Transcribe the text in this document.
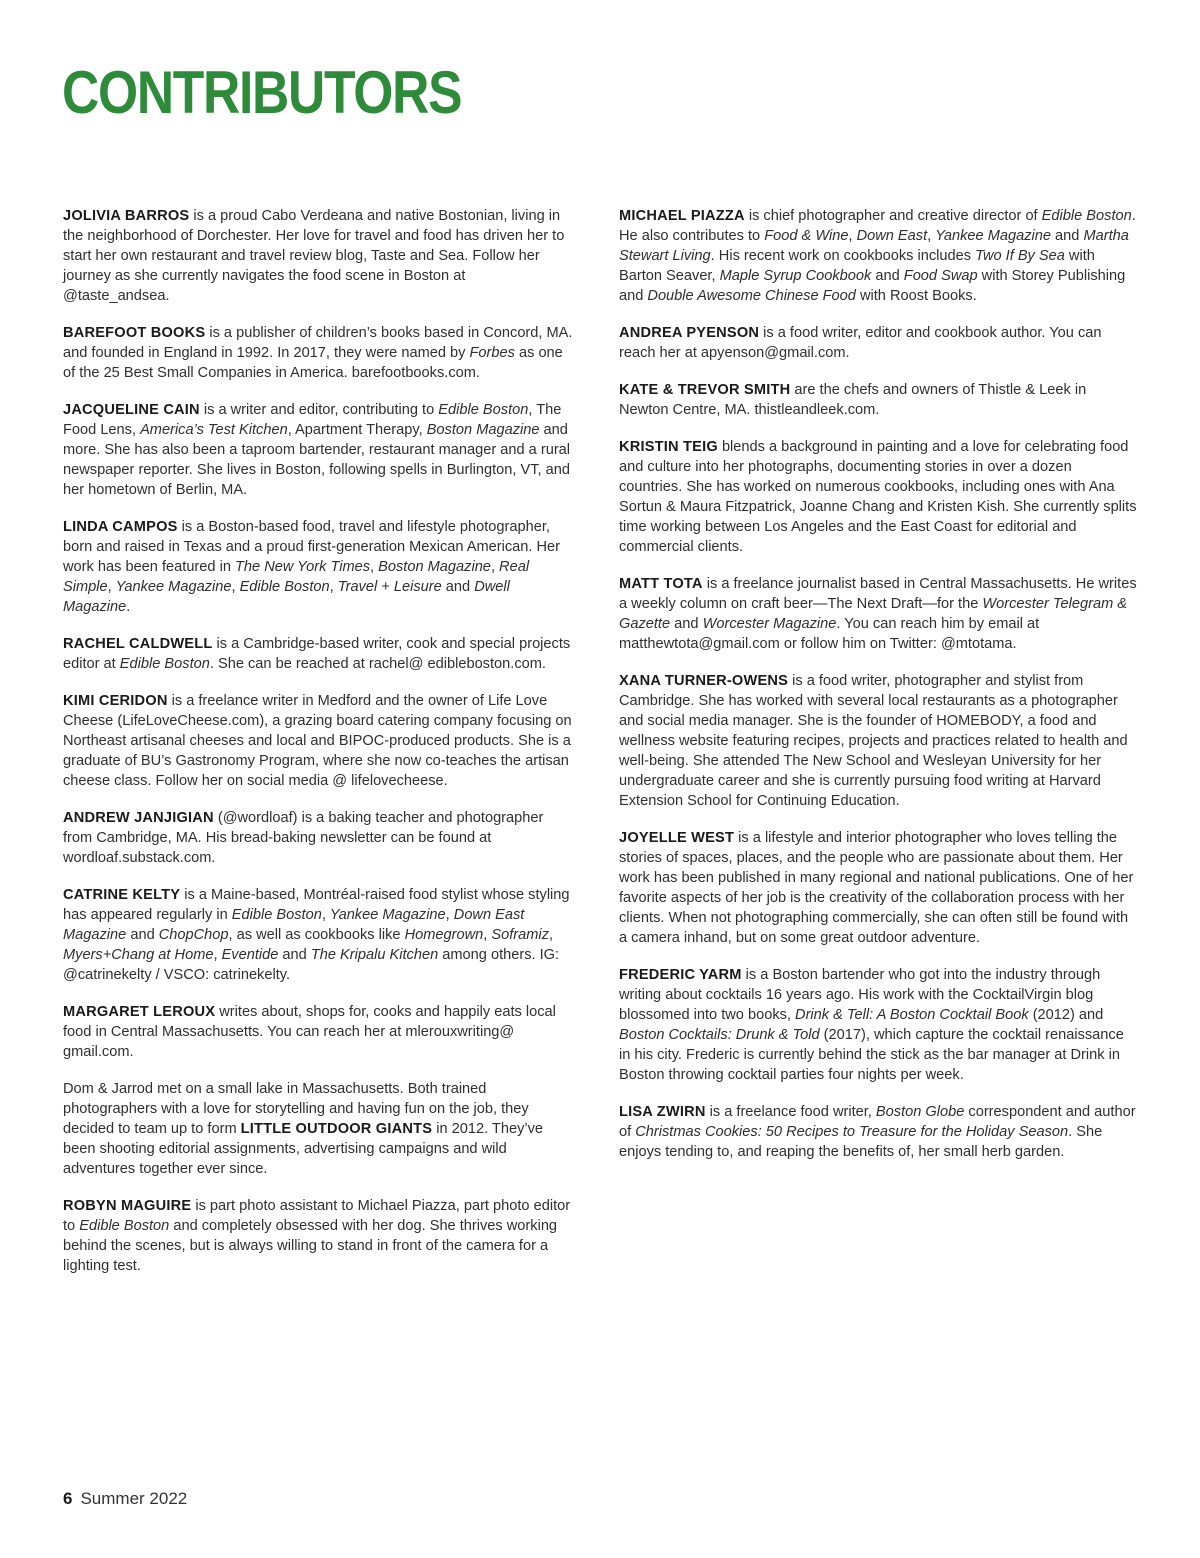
CONTRIBUTORS

JOLIVIA BARROS is a proud Cabo Verdeana and native Bostonian, living in the neighborhood of Dorchester. Her love for travel and food has driven her to start her own restaurant and travel review blog, Taste and Sea. Follow her journey as she currently navigates the food scene in Boston at @taste_andsea.

BAREFOOT BOOKS is a publisher of children’s books based in Concord, MA. and founded in England in 1992. In 2017, they were named by Forbes as one of the 25 Best Small Companies in America. barefootbooks.com.

JACQUELINE CAIN is a writer and editor, contributing to Edible Boston, The Food Lens, America’s Test Kitchen, Apartment Therapy, Boston Magazine and more. She has also been a taproom bartender, restaurant manager and a rural newspaper reporter. She lives in Boston, following spells in Burlington, VT, and her hometown of Berlin, MA.

LINDA CAMPOS is a Boston-based food, travel and lifestyle photographer, born and raised in Texas and a proud first-generation Mexican American. Her work has been featured in The New York Times, Boston Magazine, Real Simple, Yankee Magazine, Edible Boston, Travel + Leisure and Dwell Magazine.

RACHEL CALDWELL is a Cambridge-based writer, cook and special projects editor at Edible Boston. She can be reached at rachel@ edibleboston.com.

KIMI CERIDON is a freelance writer in Medford and the owner of Life Love Cheese (LifeLoveCheese.com), a grazing board catering company focusing on Northeast artisanal cheeses and local and BIPOC-produced products. She is a graduate of BU’s Gastronomy Program, where she now co-teaches the artisan cheese class. Follow her on social media @ lifelovecheese.

ANDREW JANJIGIAN (@wordloaf) is a baking teacher and photographer from Cambridge, MA. His bread-baking newsletter can be found at wordloaf.substack.com.

CATRINE KELTY is a Maine-based, Montréal-raised food stylist whose styling has appeared regularly in Edible Boston, Yankee Magazine, Down East Magazine and ChopChop, as well as cookbooks like Homegrown, Soframiz, Myers+Chang at Home, Eventide and The Kripalu Kitchen among others. IG: @catrinekelty / VSCO: catrinekelty.

MARGARET LEROUX writes about, shops for, cooks and happily eats local food in Central Massachusetts. You can reach her at mlerouxwriting@ gmail.com.

Dom & Jarrod met on a small lake in Massachusetts. Both trained photographers with a love for storytelling and having fun on the job, they decided to team up to form LITTLE OUTDOOR GIANTS in 2012. They’ve been shooting editorial assignments, advertising campaigns and wild adventures together ever since.

ROBYN MAGUIRE is part photo assistant to Michael Piazza, part photo editor to Edible Boston and completely obsessed with her dog. She thrives working behind the scenes, but is always willing to stand in front of the camera for a lighting test.

MICHAEL PIAZZA is chief photographer and creative director of Edible Boston. He also contributes to Food & Wine, Down East, Yankee Magazine and Martha Stewart Living. His recent work on cookbooks includes Two If By Sea with Barton Seaver, Maple Syrup Cookbook and Food Swap with Storey Publishing and Double Awesome Chinese Food with Roost Books.

ANDREA PYENSON is a food writer, editor and cookbook author. You can reach her at apyenson@gmail.com.

KATE & TREVOR SMITH are the chefs and owners of Thistle & Leek in Newton Centre, MA. thistleandleek.com.

KRISTIN TEIG blends a background in painting and a love for celebrating food and culture into her photographs, documenting stories in over a dozen countries. She has worked on numerous cookbooks, including ones with Ana Sortun & Maura Fitzpatrick, Joanne Chang and Kristen Kish. She currently splits time working between Los Angeles and the East Coast for editorial and commercial clients.

MATT TOTA is a freelance journalist based in Central Massachusetts. He writes a weekly column on craft beer—The Next Draft—for the Worcester Telegram & Gazette and Worcester Magazine. You can reach him by email at matthewtota@gmail.com or follow him on Twitter: @mtotama.

XANA TURNER-OWENS is a food writer, photographer and stylist from Cambridge. She has worked with several local restaurants as a photographer and social media manager. She is the founder of HOMEBODY, a food and wellness website featuring recipes, projects and practices related to health and well-being. She attended The New School and Wesleyan University for her undergraduate career and she is currently pursuing food writing at Harvard Extension School for Continuing Education.

JOYELLE WEST is a lifestyle and interior photographer who loves telling the stories of spaces, places, and the people who are passionate about them. Her work has been published in many regional and national publications. One of her favorite aspects of her job is the creativity of the collaboration process with her clients. When not photographing commercially, she can often still be found with a camera inhand, but on some great outdoor adventure.

FREDERIC YARM is a Boston bartender who got into the industry through writing about cocktails 16 years ago. His work with the CocktailVirgin blog blossomed into two books, Drink & Tell: A Boston Cocktail Book (2012) and Boston Cocktails: Drunk & Told (2017), which capture the cocktail renaissance in his city. Frederic is currently behind the stick as the bar manager at Drink in Boston throwing cocktail parties four nights per week.

LISA ZWIRN is a freelance food writer, Boston Globe correspondent and author of Christmas Cookies: 50 Recipes to Treasure for the Holiday Season. She enjoys tending to, and reaping the benefits of, her small herb garden.

6 Summer 2022
